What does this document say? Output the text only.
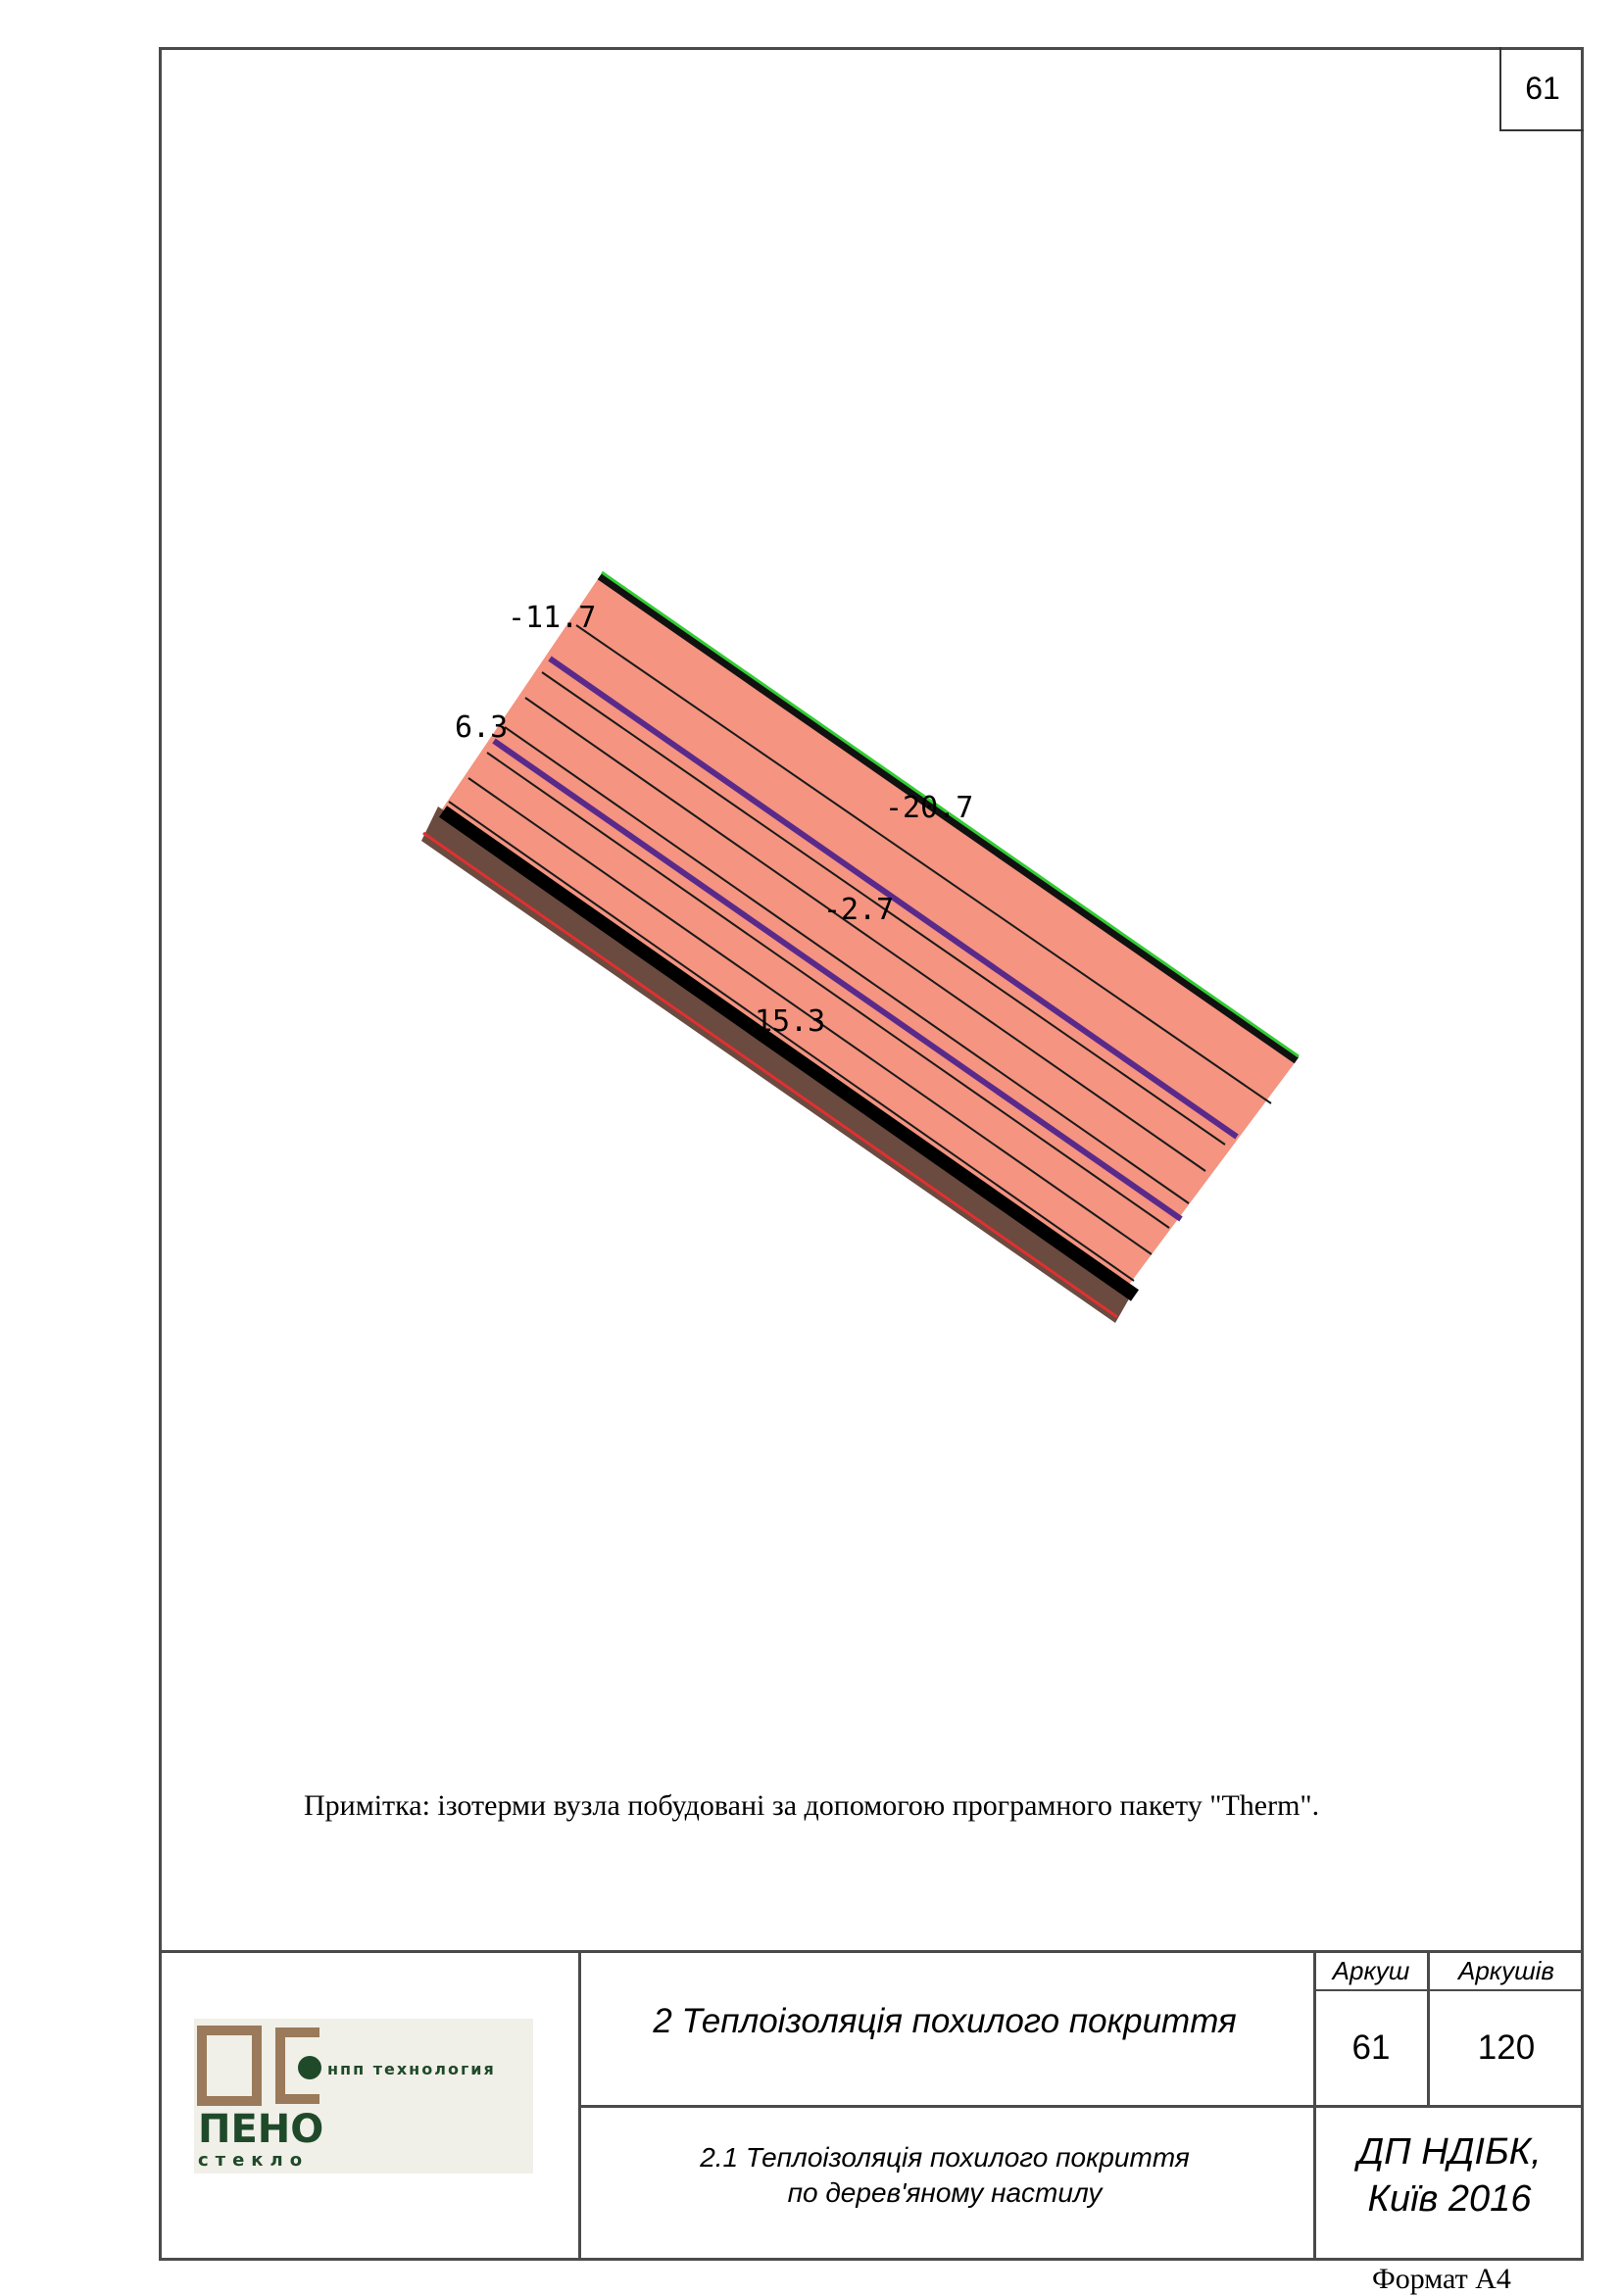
61
-11.7
6.3
-20.7
-2.7
15.3
Примітка: ізотерми вузла побудовані за допомогою програмного пакету "Therm".
нпп технология
ПЕНО
стекло
2 Теплоізоляція похилого покриття
2.1 Теплоізоляція похилого покриття
по дерев'яному настилу
Аркуш	Аркушів
61	120
ДП НДІБК,
Київ 2016
Формат А4
